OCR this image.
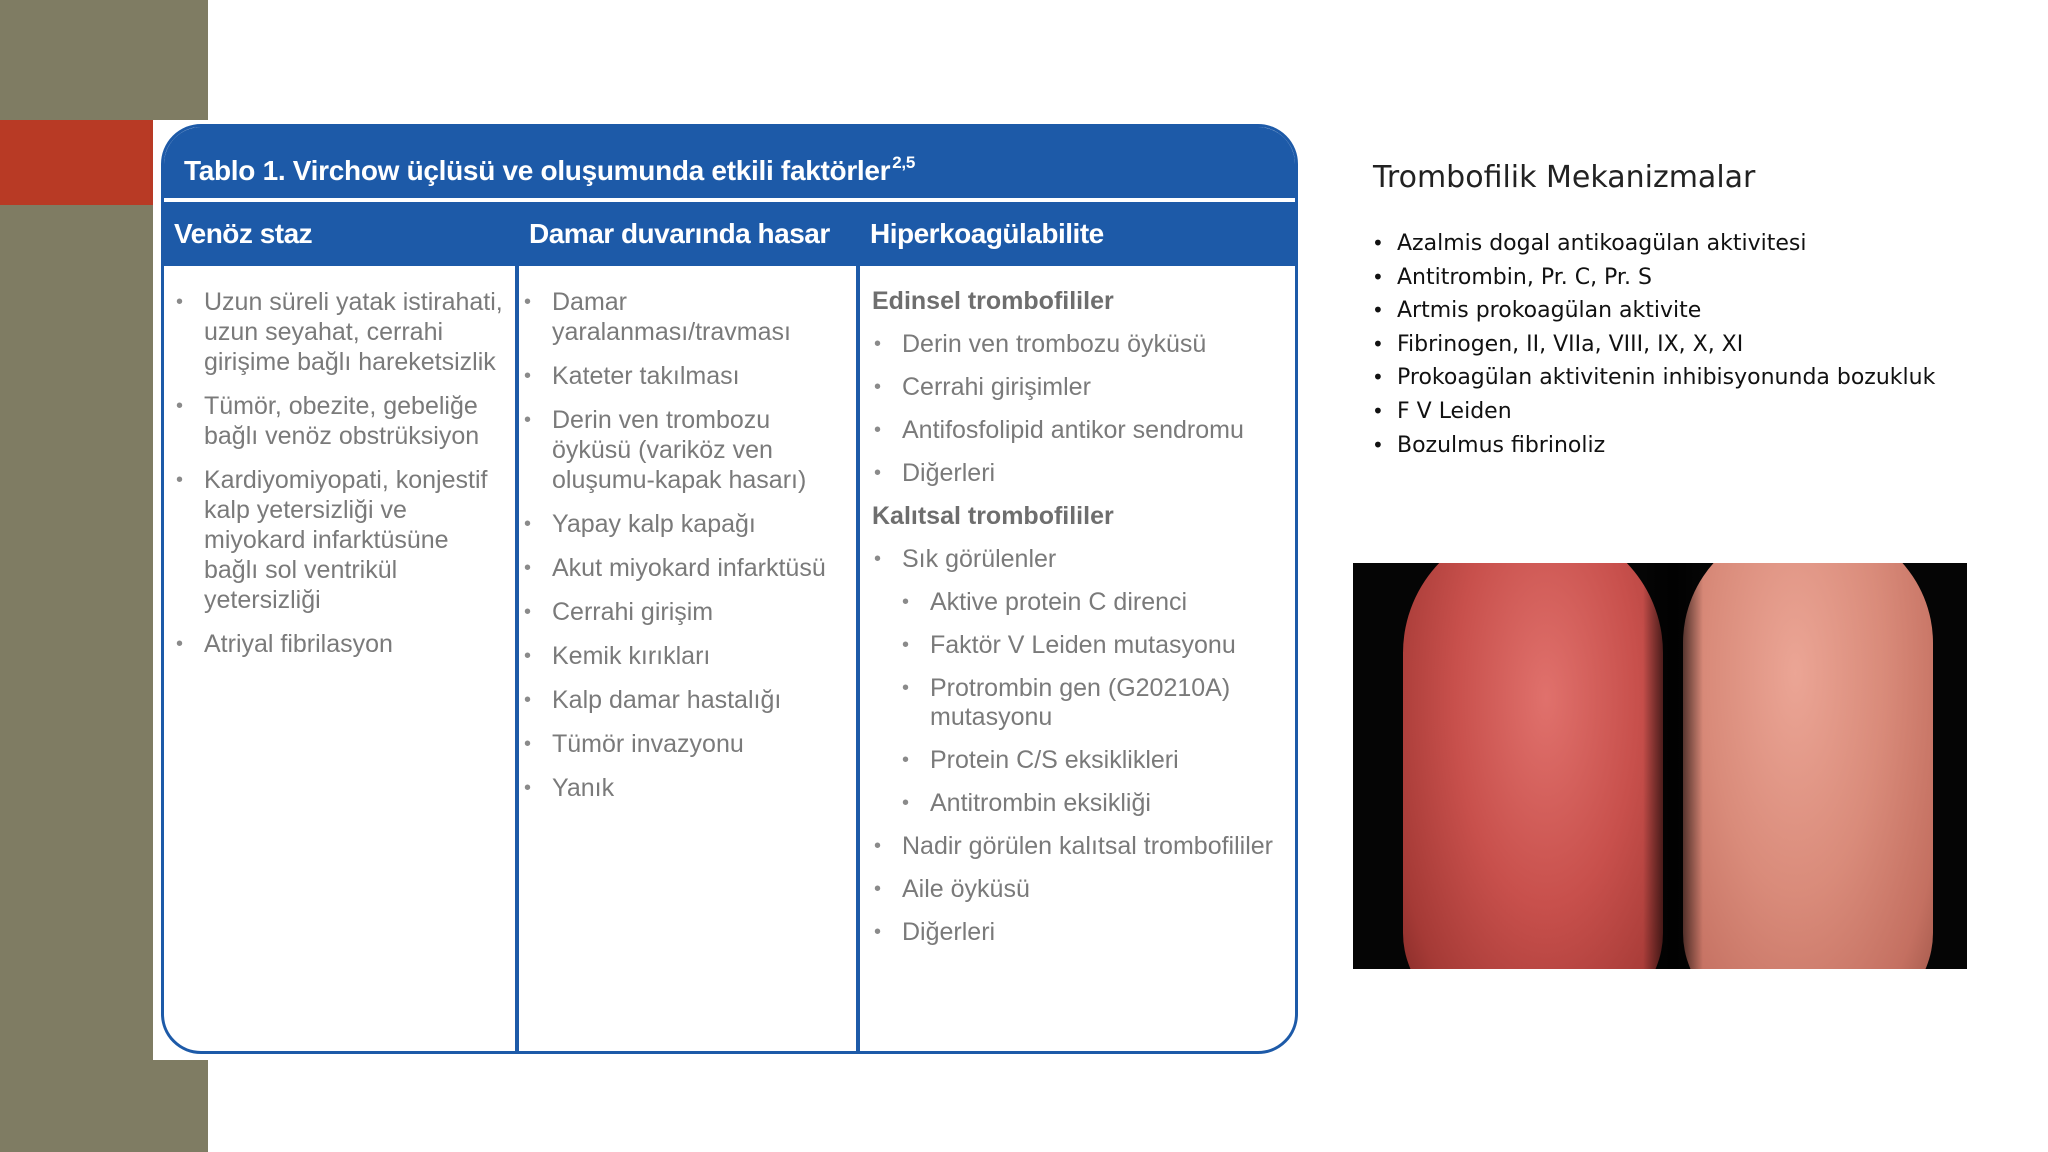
Tablo 1. Virchow üçlüsü ve oluşumunda etkili faktörler $^{2,5}$
Venöz staz	Damar duvarında hasar	Hiperkoagülabilite
• Uzun süreli yatak istirahati, uzun seyahat, cerrahi girişime bağlı hareketsizlik
• Tümör, obezite, gebeliğe bağlı venöz obstrüksiyon
• Kardiyomiyopati, konjestif kalp yetersizliği ve miyokard infarktüsüne bağlı sol ventrikül yetersizliği
• Atriyal fibrilasyon
• Damar yaralanması/travması
• Kateter takılması
• Derin ven trombozu öyküsü (variköz ven oluşumu-kapak hasarı)
• Yapay kalp kapağı
• Akut miyokard infarktüsü
• Cerrahi girişim
• Kemik kırıkları
• Kalp damar hastalığı
• Tümör invazyonu
• Yanık
Edinsel trombofililer
• Derin ven trombozu öyküsü
• Cerrahi girişimler
• Antifosfolipid antikor sendromu
• Diğerleri
Kalıtsal trombofililer
• Sık görülenler
• Aktive protein C direnci
• Faktör V Leiden mutasyonu
• Protrombin gen (G20210A) mutasyonu
• Protein C/S eksiklikleri
• Antitrombin eksikliği
• Nadir görülen kalıtsal trombofililer
• Aile öyküsü
• Diğerleri
Trombofilik Mekanizmalar
• Azalmis dogal antikoagülan aktivitesi
• Antitrombin, Pr. C, Pr. S
• Artmis prokoagülan aktivite
• Fibrinogen, II, VIIa, VIII, IX, X, XI
• Prokoagülan aktivitenin inhibisyonunda bozukluk
• F V Leiden
• Bozulmus fibrinoliz
